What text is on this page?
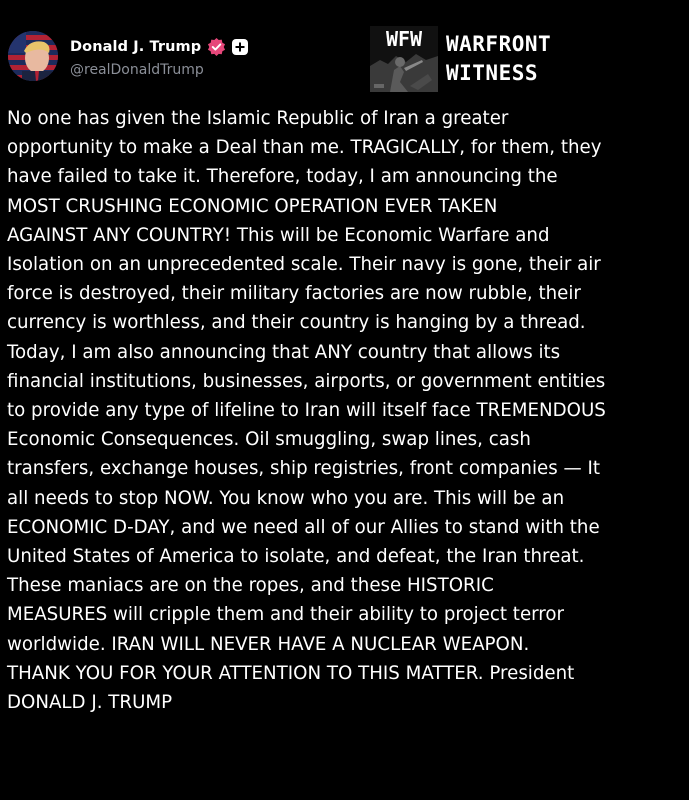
Donald J. Trump
@realDonaldTrump
WFW WARFRONT
WITNESS
No one has given the Islamic Republic of Iran a greater
opportunity to make a Deal than me. TRAGICALLY, for them, they
have failed to take it. Therefore, today, I am announcing the
MOST CRUSHING ECONOMIC OPERATION EVER TAKEN
AGAINST ANY COUNTRY! This will be Economic Warfare and
Isolation on an unprecedented scale. Their navy is gone, their air
force is destroyed, their military factories are now rubble, their
currency is worthless, and their country is hanging by a thread.
Today, I am also announcing that ANY country that allows its
financial institutions, businesses, airports, or government entities
to provide any type of lifeline to Iran will itself face TREMENDOUS
Economic Consequences. Oil smuggling, swap lines, cash
transfers, exchange houses, ship registries, front companies — It
all needs to stop NOW. You know who you are. This will be an
ECONOMIC D-DAY, and we need all of our Allies to stand with the
United States of America to isolate, and defeat, the Iran threat.
These maniacs are on the ropes, and these HISTORIC
MEASURES will cripple them and their ability to project terror
worldwide. IRAN WILL NEVER HAVE A NUCLEAR WEAPON.
THANK YOU FOR YOUR ATTENTION TO THIS MATTER. President
DONALD J. TRUMP
